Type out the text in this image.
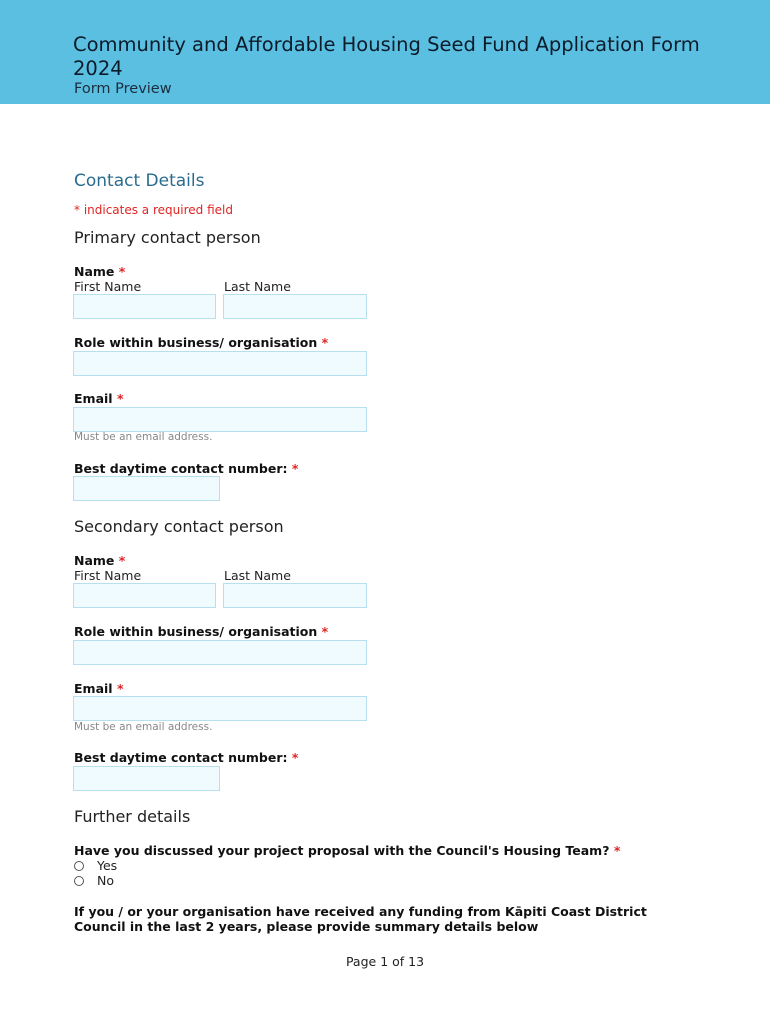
Community and Affordable Housing Seed Fund Application Form 2024
Form Preview
Contact Details
* indicates a required field
Primary contact person
Name *
First Name	Last Name
Role within business/ organisation *
Email *
Must be an email address.
Best daytime contact number: *
Secondary contact person
Name *
First Name	Last Name
Role within business/ organisation *
Email *
Must be an email address.
Best daytime contact number: *
Further details
Have you discussed your project proposal with the Council's Housing Team? *
Yes
No
If you / or your organisation have received any funding from Kāpiti Coast District
Council in the last 2 years, please provide summary details below
Page 1 of 13
